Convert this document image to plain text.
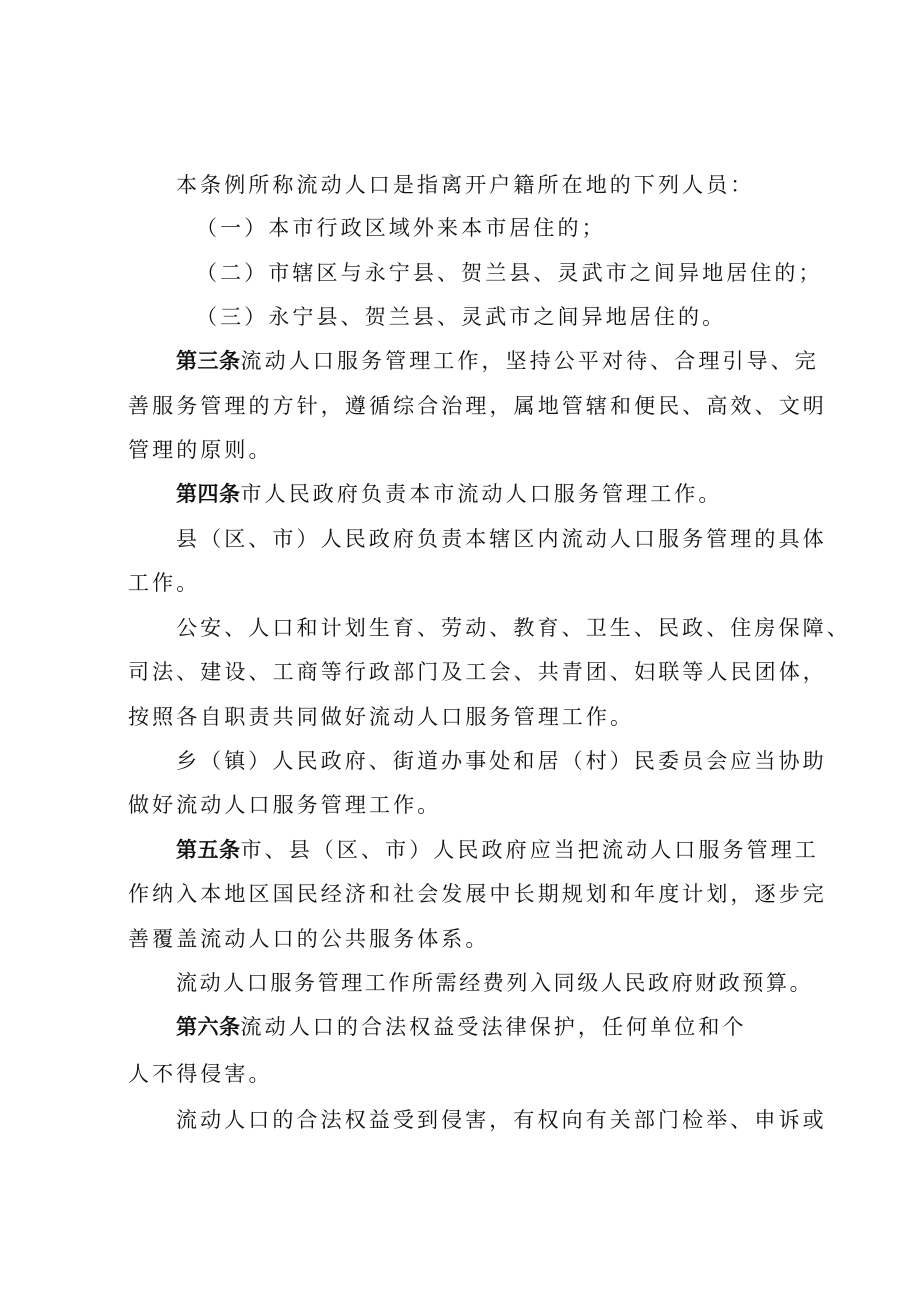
本条例所称流动人口是指离开户籍所在地的下列人员：
（一）本市行政区域外来本市居住的；
（二）市辖区与永宁县、贺兰县、灵武市之间异地居住的；
（三）永宁县、贺兰县、灵武市之间异地居住的。
第三条流动人口服务管理工作，坚持公平对待、合理引导、完
善服务管理的方针，遵循综合治理，属地管辖和便民、高效、文明
管理的原则。
第四条市人民政府负责本市流动人口服务管理工作。
县（区、市）人民政府负责本辖区内流动人口服务管理的具体
工作。
公安、人口和计划生育、劳动、教育、卫生、民政、住房保障、
司法、建设、工商等行政部门及工会、共青团、妇联等人民团体，
按照各自职责共同做好流动人口服务管理工作。
乡（镇）人民政府、街道办事处和居（村）民委员会应当协助
做好流动人口服务管理工作。
第五条市、县（区、市）人民政府应当把流动人口服务管理工
作纳入本地区国民经济和社会发展中长期规划和年度计划，逐步完
善覆盖流动人口的公共服务体系。
流动人口服务管理工作所需经费列入同级人民政府财政预算。
第六条流动人口的合法权益受法律保护，任何单位和个
人不得侵害。
流动人口的合法权益受到侵害，有权向有关部门检举、申诉或
